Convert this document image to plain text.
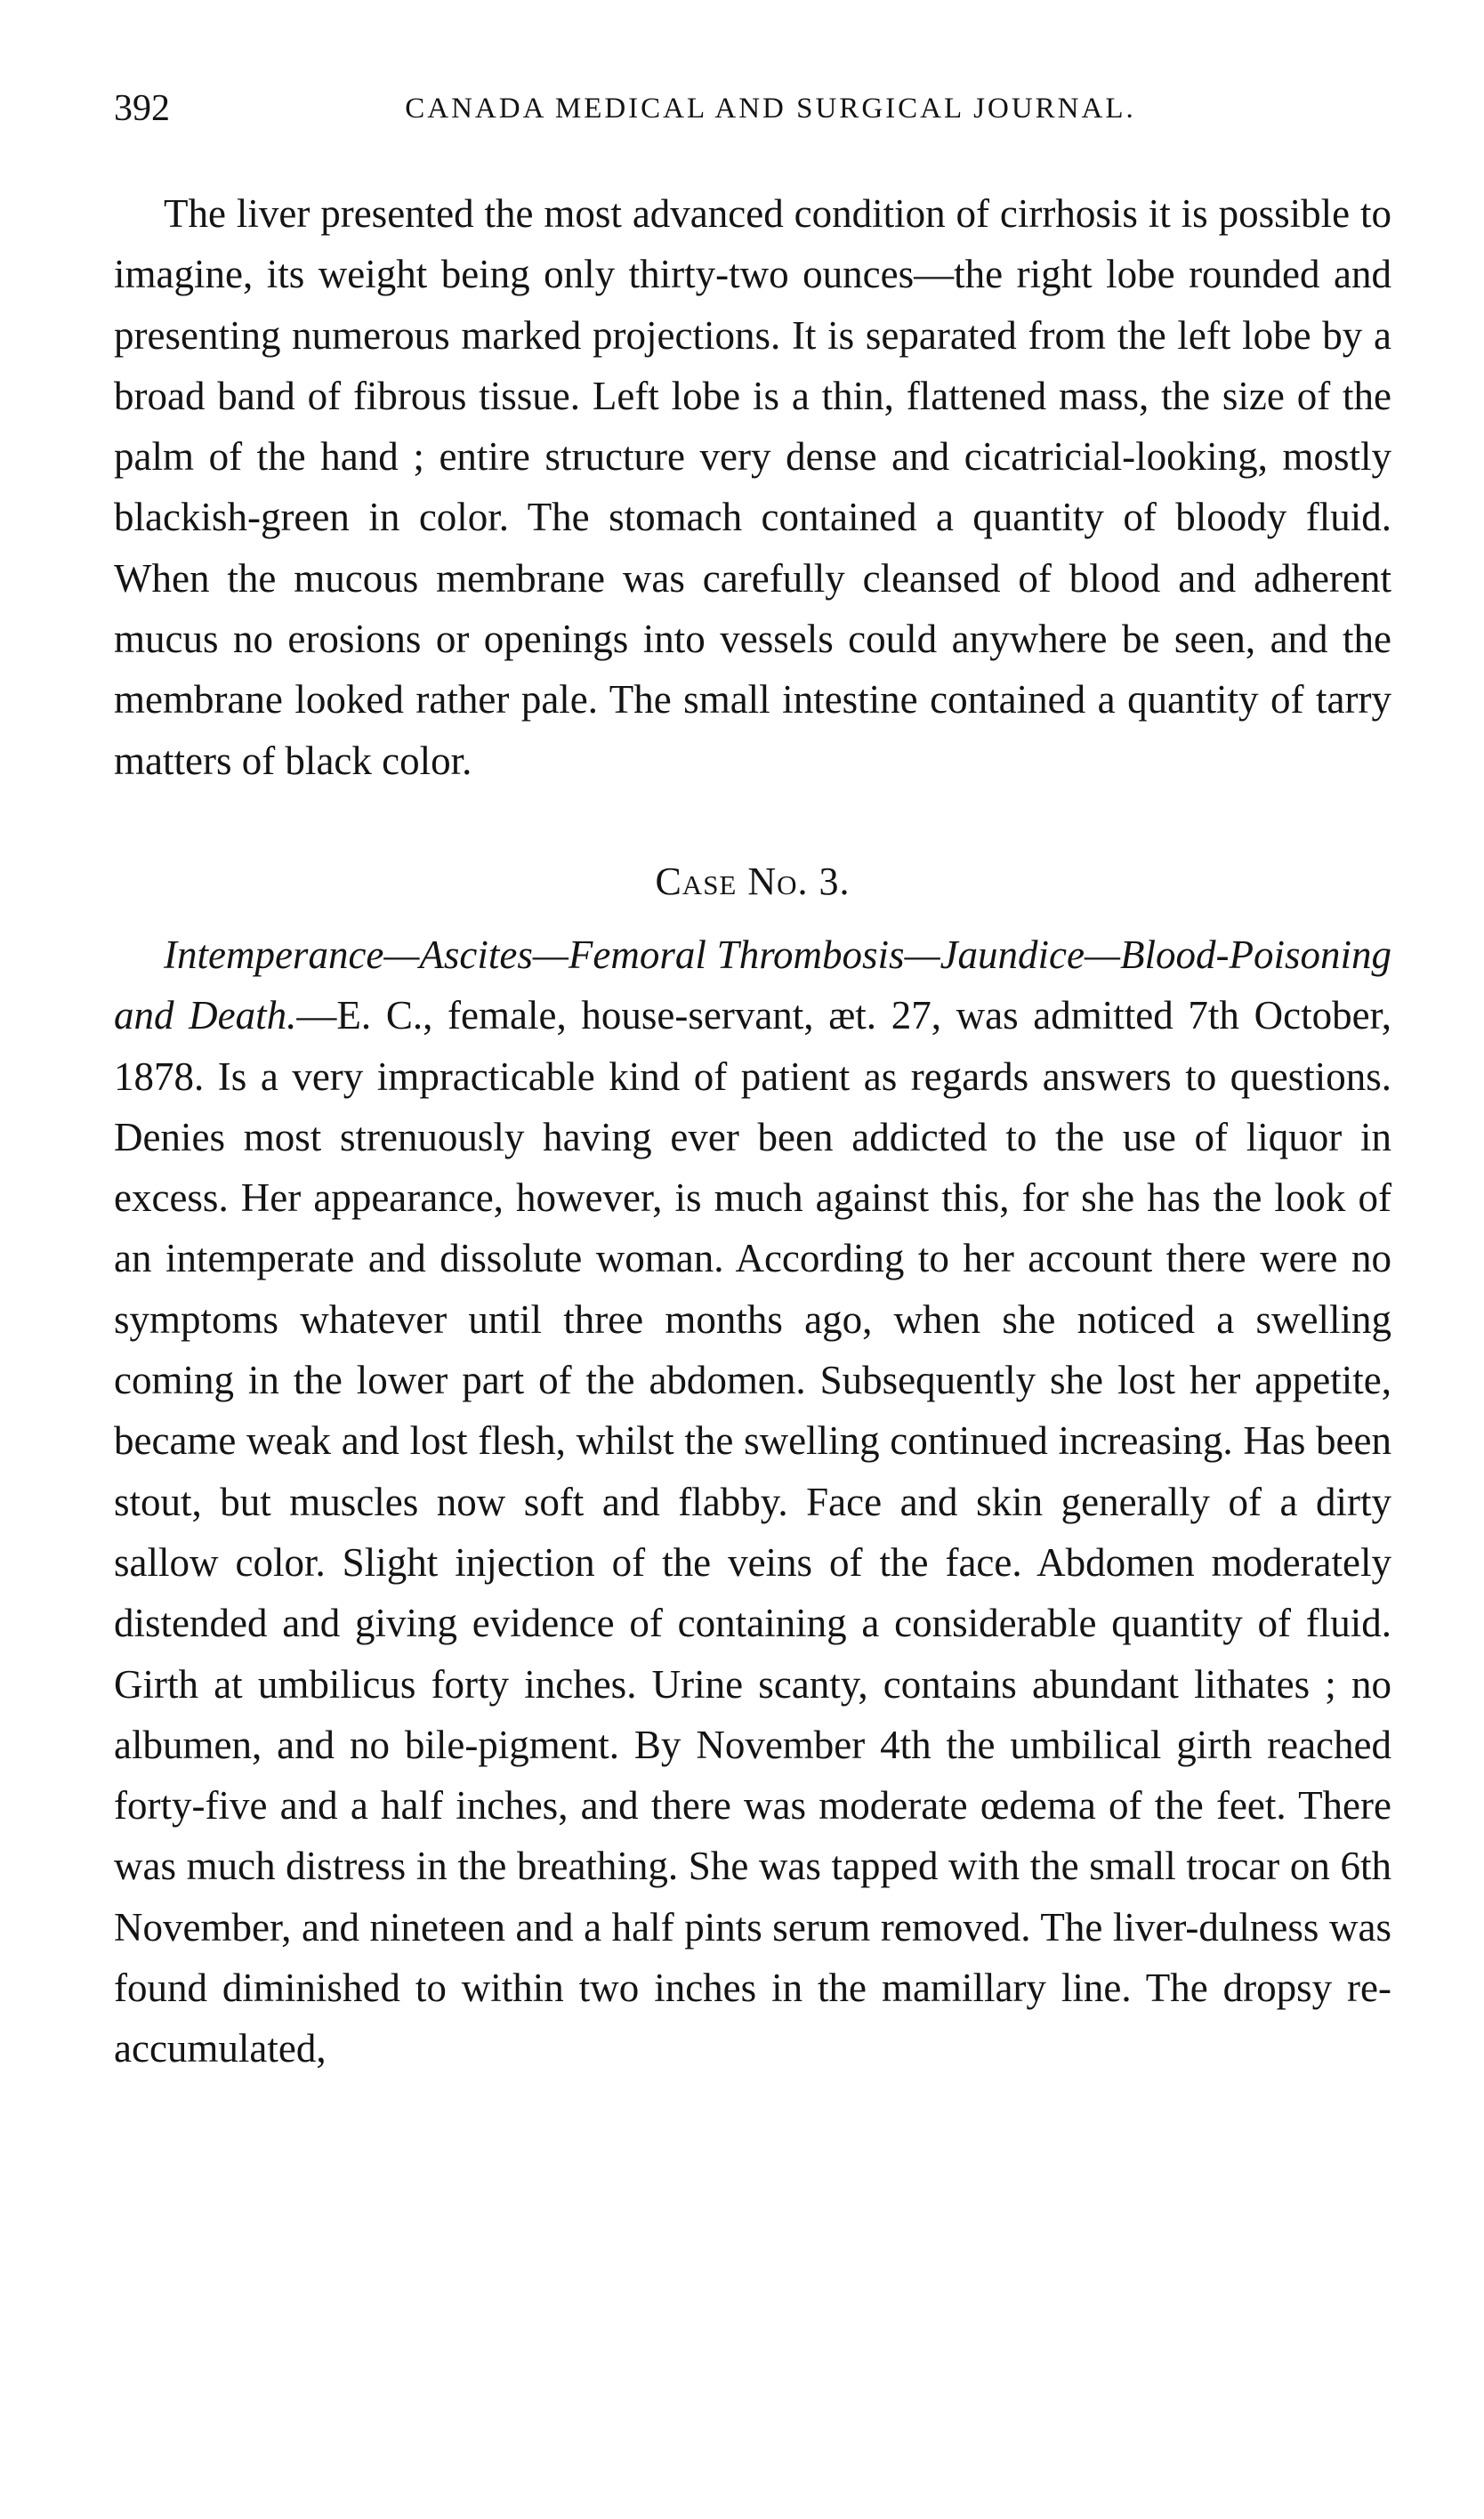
392	CANADA MEDICAL AND SURGICAL JOURNAL.

The liver presented the most advanced condition of cirrhosis it is possible to imagine, its weight being only thirty-two ounces—the right lobe rounded and presenting numerous marked projections. It is separated from the left lobe by a broad band of fibrous tissue. Left lobe is a thin, flattened mass, the size of the palm of the hand ; entire structure very dense and cicatricial-looking, mostly blackish-green in color. The stomach contained a quantity of bloody fluid. When the mucous membrane was carefully cleansed of blood and adherent mucus no erosions or openings into vessels could anywhere be seen, and the membrane looked rather pale. The small intestine contained a quantity of tarry matters of black color.

Case No. 3.

Intemperance—Ascites—Femoral Thrombosis—Jaundice—Blood-Poisoning and Death.—E. C., female, house-servant, æt. 27, was admitted 7th October, 1878. Is a very impracticable kind of patient as regards answers to questions. Denies most strenuously having ever been addicted to the use of liquor in excess. Her appearance, however, is much against this, for she has the look of an intemperate and dissolute woman. According to her account there were no symptoms whatever until three months ago, when she noticed a swelling coming in the lower part of the abdomen. Subsequently she lost her appetite, became weak and lost flesh, whilst the swelling continued increasing. Has been stout, but muscles now soft and flabby. Face and skin generally of a dirty sallow color. Slight injection of the veins of the face. Abdomen moderately distended and giving evidence of containing a considerable quantity of fluid. Girth at umbilicus forty inches. Urine scanty, contains abundant lithates ; no albumen, and no bile-pigment. By November 4th the umbilical girth reached forty-five and a half inches, and there was moderate œdema of the feet. There was much distress in the breathing. She was tapped with the small trocar on 6th November, and nineteen and a half pints serum removed. The liver-dulness was found diminished to within two inches in the mamillary line. The dropsy re-accumulated,
